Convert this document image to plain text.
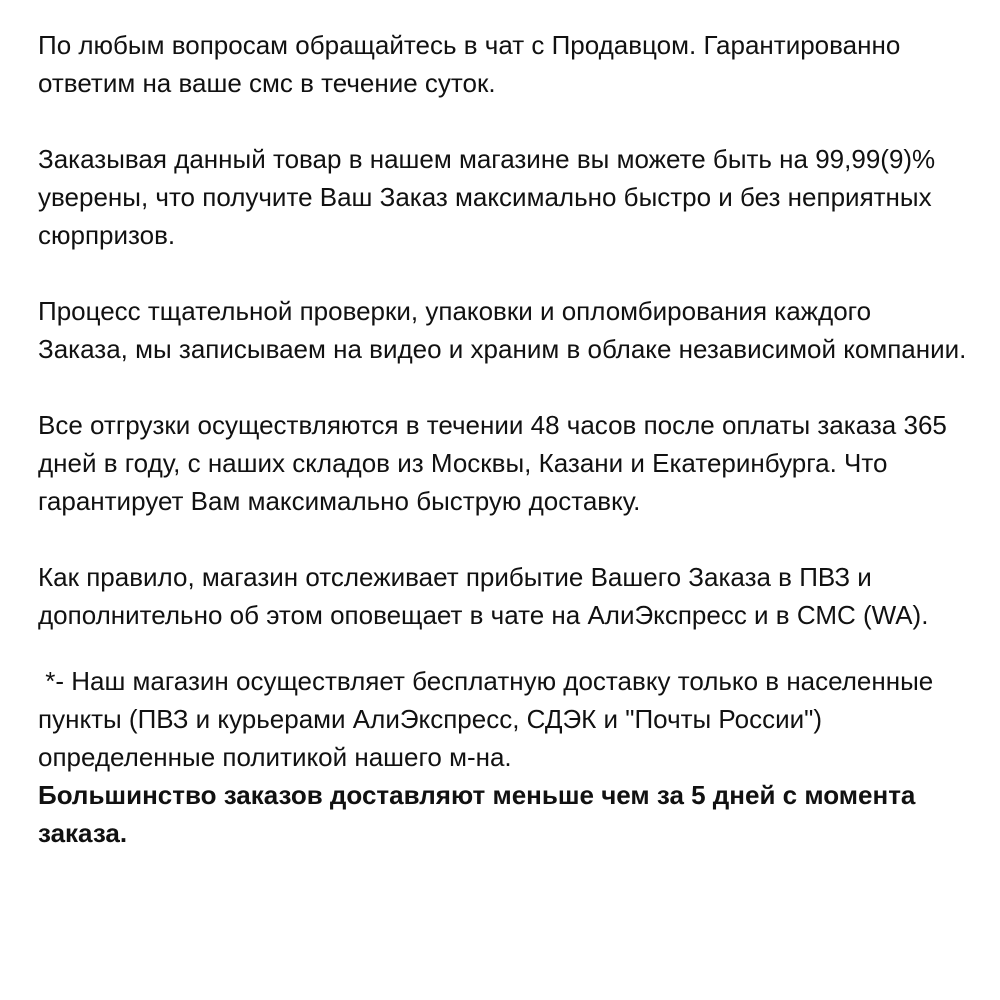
По любым вопросам обращайтесь в чат с Продавцом. Гарантированно ответим на ваше смс в течение суток.

Заказывая данный товар в нашем магазине вы можете быть на 99,99(9)% уверены, что получите Ваш Заказ максимально быстро и без неприятных сюрпризов.

Процесс тщательной проверки, упаковки и опломбирования каждого Заказа, мы записываем на видео и храним в облаке независимой компании.

Все отгрузки осуществляются в течении 48 часов после оплаты заказа 365 дней в году, с наших складов из Москвы, Казани и Екатеринбурга. Что гарантирует Вам максимально быструю доставку.

Как правило, магазин отслеживает прибытие Вашего Заказа в ПВЗ и дополнительно об этом оповещает в чате на АлиЭкспресс и в СМС (WA).

*- Наш магазин осуществляет бесплатную доставку только в населенные пункты (ПВЗ и курьерами АлиЭкспресс, СДЭК и "Почты России") определенные политикой нашего м-на.
Большинство заказов доставляют меньше чем за 5 дней с момента заказа.
